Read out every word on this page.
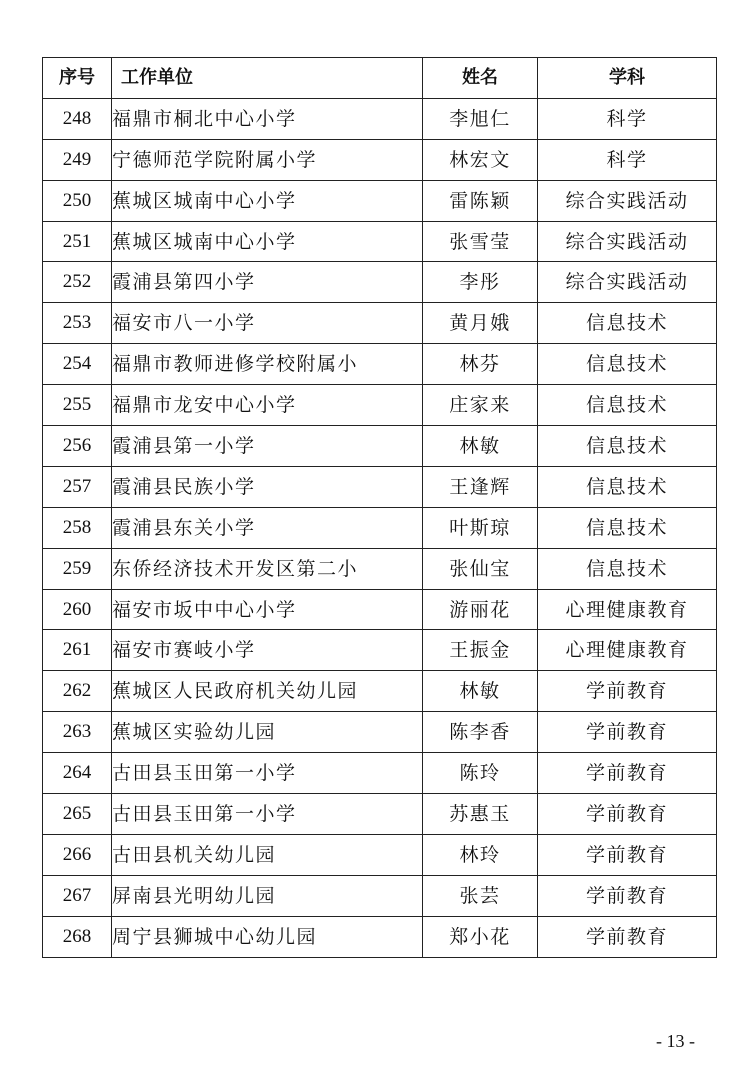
序号	工作单位	姓名	学科
248	福鼎市桐北中心小学	李旭仁	科学
249	宁德师范学院附属小学	林宏文	科学
250	蕉城区城南中心小学	雷陈颖	综合实践活动
251	蕉城区城南中心小学	张雪莹	综合实践活动
252	霞浦县第四小学	李彤	综合实践活动
253	福安市八一小学	黄月娥	信息技术
254	福鼎市教师进修学校附属小	林芬	信息技术
255	福鼎市龙安中心小学	庄家来	信息技术
256	霞浦县第一小学	林敏	信息技术
257	霞浦县民族小学	王逢辉	信息技术
258	霞浦县东关小学	叶斯琼	信息技术
259	东侨经济技术开发区第二小	张仙宝	信息技术
260	福安市坂中中心小学	游丽花	心理健康教育
261	福安市赛岐小学	王振金	心理健康教育
262	蕉城区人民政府机关幼儿园	林敏	学前教育
263	蕉城区实验幼儿园	陈李香	学前教育
264	古田县玉田第一小学	陈玲	学前教育
265	古田县玉田第一小学	苏惠玉	学前教育
266	古田县机关幼儿园	林玲	学前教育
267	屏南县光明幼儿园	张芸	学前教育
268	周宁县狮城中心幼儿园	郑小花	学前教育
- 13 -
